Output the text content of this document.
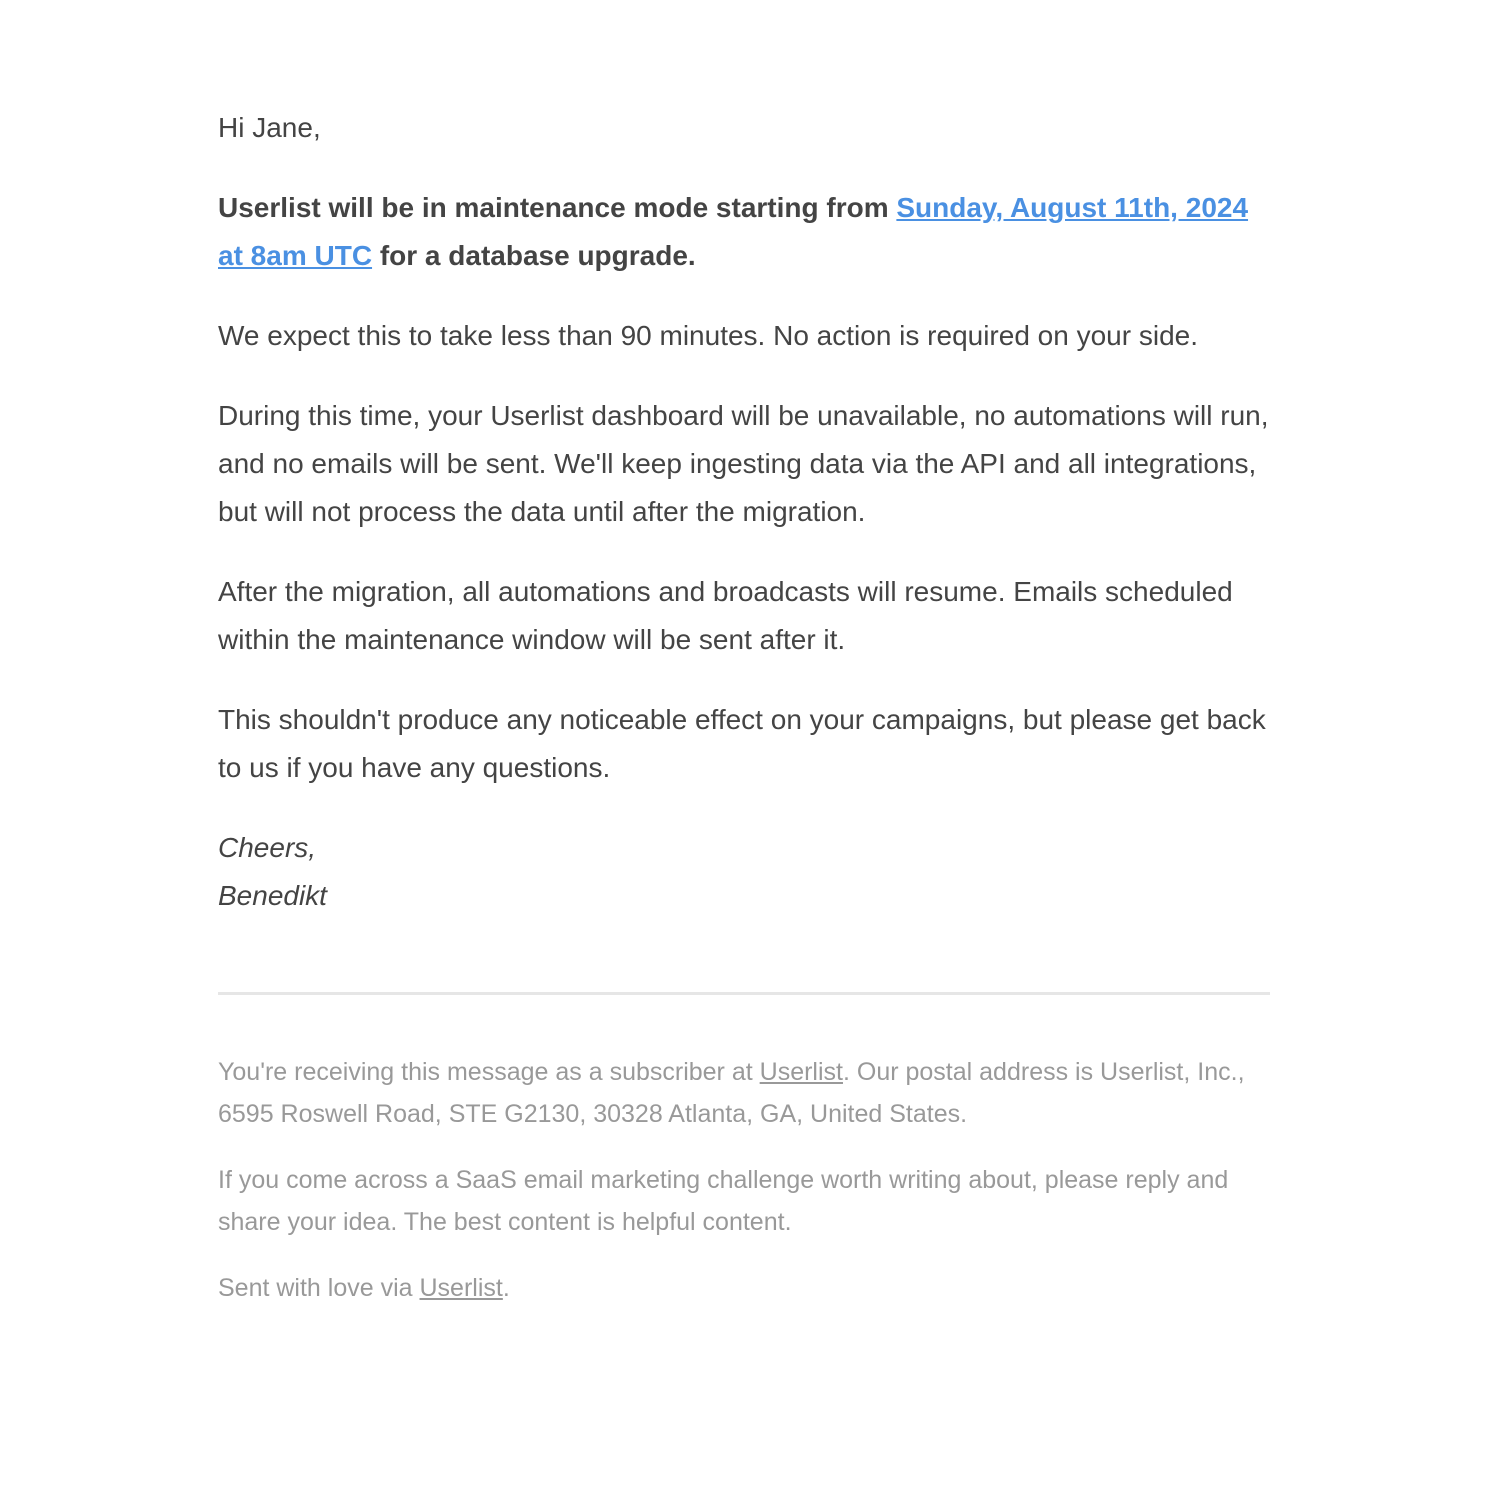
Hi Jane,

Userlist will be in maintenance mode starting from Sunday, August 11th, 2024 at 8am UTC for a database upgrade.

We expect this to take less than 90 minutes. No action is required on your side.

During this time, your Userlist dashboard will be unavailable, no automations will run, and no emails will be sent. We'll keep ingesting data via the API and all integrations, but will not process the data until after the migration.

After the migration, all automations and broadcasts will resume. Emails scheduled within the maintenance window will be sent after it.

This shouldn't produce any noticeable effect on your campaigns, but please get back to us if you have any questions.

Cheers,
Benedikt

You're receiving this message as a subscriber at Userlist. Our postal address is Userlist, Inc., 6595 Roswell Road, STE G2130, 30328 Atlanta, GA, United States.

If you come across a SaaS email marketing challenge worth writing about, please reply and share your idea. The best content is helpful content.

Sent with love via Userlist.
